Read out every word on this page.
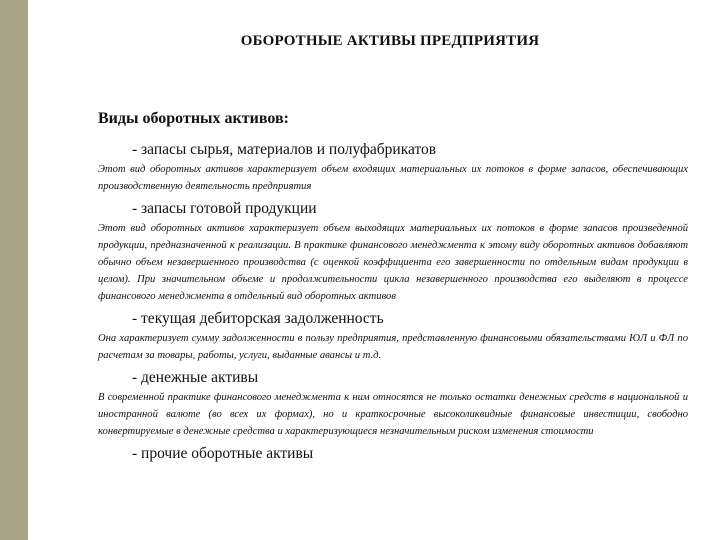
ОБОРОТНЫЕ АКТИВЫ ПРЕДПРИЯТИЯ
Виды оборотных активов:

- запасы сырья, материалов и полуфабрикатов

Этот вид оборотных активов характеризует объем входящих материальных их потоков в форме запасов, обеспечивающих производственную деятельность предприятия

- запасы готовой продукции

Этот вид оборотных активов характеризует объем выходящих материальных их потоков в форме запасов произведенной продукции, предназначенной к реализации. В практике финансового менеджмента к этому виду оборотных активов добавляют обычно объем незавершенного производства (с оценкой коэффициента его завершенности по отдельным видам продукции в целом). При значительном объеме и продолжительности цикла незавершенного производства его выделяют в процессе финансового менеджмента в отдельный вид оборотных активов

- текущая дебиторская задолженность

Она характеризует сумму задолженности в пользу предприятия, представленную финансовыми обязательствами ЮЛ и ФЛ по расчетам за товары, работы, услуги, выданные авансы и т.д.

- денежные активы

В современной практике финансового менеджмента к ним относятся не только остатки денежных средств в национальной и иностранной валюте (во всех их формах), но и краткосрочные высоколиквидные финансовые инвестиции, свободно конвертируемые в денежные средства и характеризующиеся незначительным риском изменения стоимости

- прочие оборотные активы
